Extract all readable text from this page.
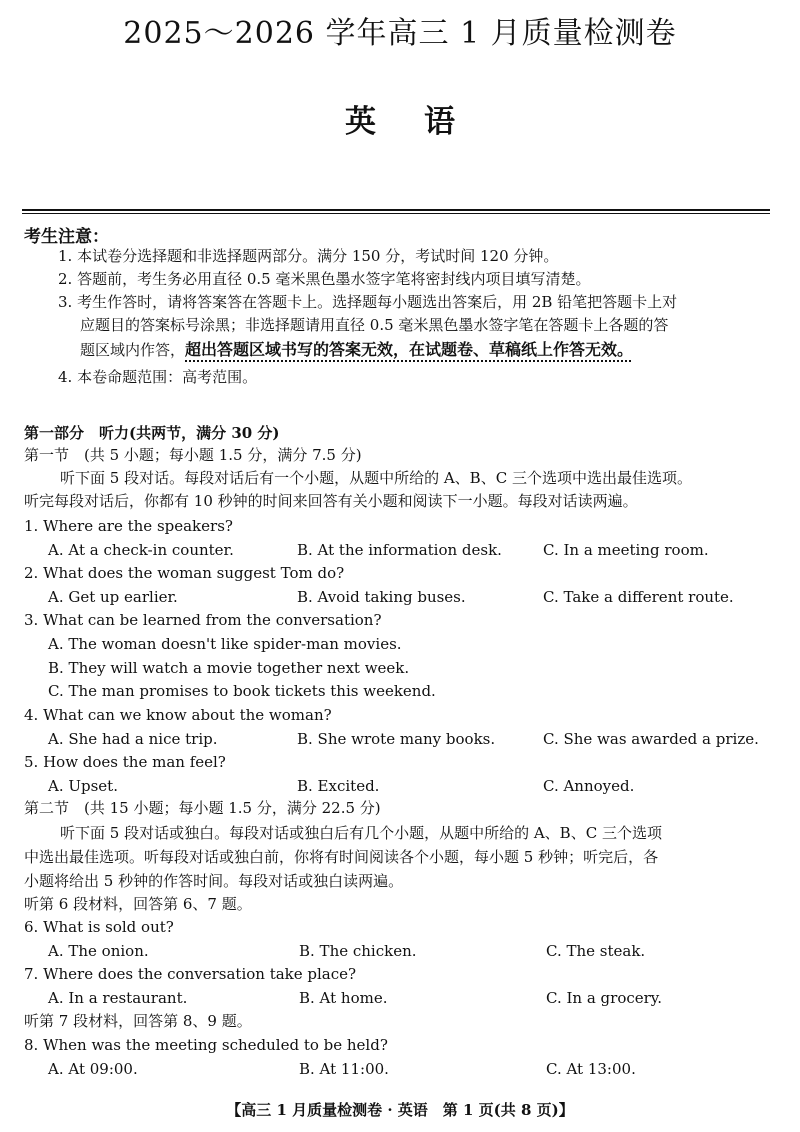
2025～2026 学年高三 1 月质量检测卷
英语
考生注意：
1. 本试卷分选择题和非选择题两部分。满分 150 分，考试时间 120 分钟。
2. 答题前，考生务必用直径 0.5 毫米黑色墨水签字笔将密封线内项目填写清楚。
3. 考生作答时，请将答案答在答题卡上。选择题每小题选出答案后，用 2B 铅笔把答题卡上对
应题目的答案标号涂黑；非选择题请用直径 0.5 毫米黑色墨水签字笔在答题卡上各题的答
题区域内作答，超出答题区域书写的答案无效，在试题卷、草稿纸上作答无效。
4. 本卷命题范围：高考范围。
第一部分　听力(共两节，满分 30 分)
第一节　(共 5 小题；每小题 1.5 分，满分 7.5 分)
听下面 5 段对话。每段对话后有一个小题，从题中所给的 A、B、C 三个选项中选出最佳选项。
听完每段对话后，你都有 10 秒钟的时间来回答有关小题和阅读下一小题。每段对话读两遍。
1. Where are the speakers?
A. At a check-in counter.	B. At the information desk.	C. In a meeting room.
2. What does the woman suggest Tom do?
A. Get up earlier.	B. Avoid taking buses.	C. Take a different route.
3. What can be learned from the conversation?
A. The woman doesn't like spider-man movies.
B. They will watch a movie together next week.
C. The man promises to book tickets this weekend.
4. What can we know about the woman?
A. She had a nice trip.	B. She wrote many books.	C. She was awarded a prize.
5. How does the man feel?
A. Upset.	B. Excited.	C. Annoyed.
第二节　(共 15 小题；每小题 1.5 分，满分 22.5 分)
听下面 5 段对话或独白。每段对话或独白后有几个小题，从题中所给的 A、B、C 三个选项
中选出最佳选项。听每段对话或独白前，你将有时间阅读各个小题，每小题 5 秒钟；听完后，各
小题将给出 5 秒钟的作答时间。每段对话或独白读两遍。
听第 6 段材料，回答第 6、7 题。
6. What is sold out?
A. The onion.	B. The chicken.	C. The steak.
7. Where does the conversation take place?
A. In a restaurant.	B. At home.	C. In a grocery.
听第 7 段材料，回答第 8、9 题。
8. When was the meeting scheduled to be held?
A. At 09:00.	B. At 11:00.	C. At 13:00.
【高三 1 月质量检测卷 · 英语　第 1 页(共 8 页)】
